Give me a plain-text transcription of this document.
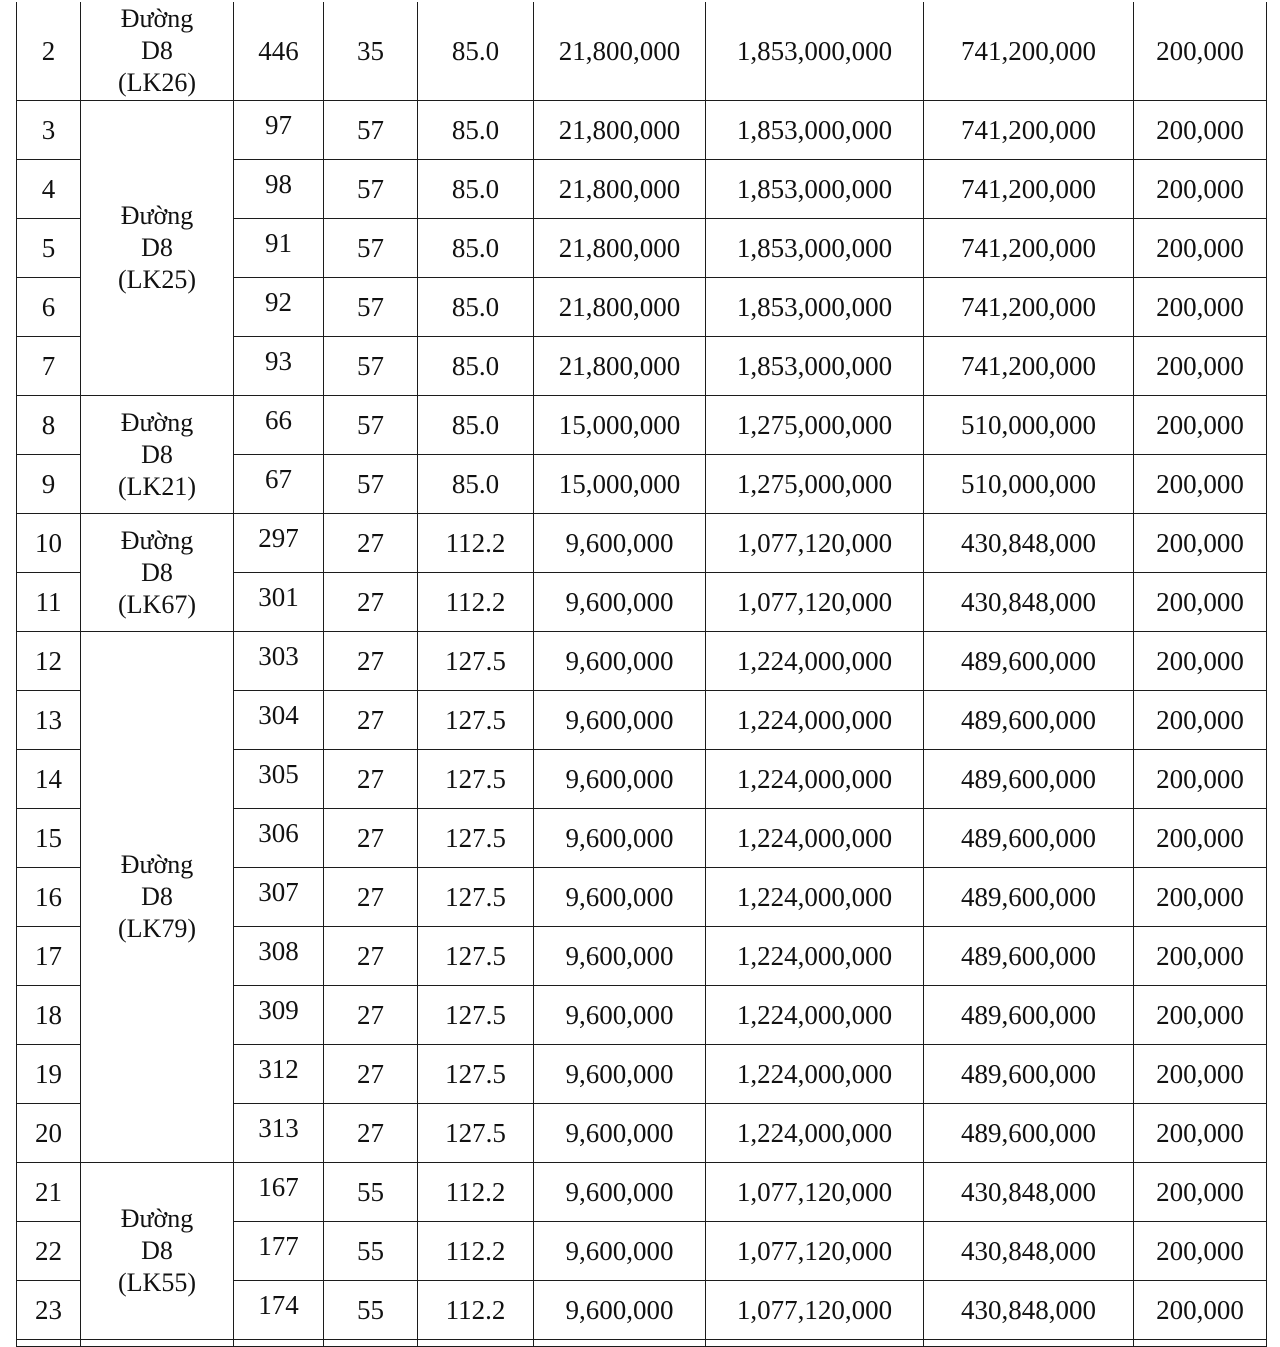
2	Đường
D8
(LK26)	446	35	85.0	21,800,000	1,853,000,000	741,200,000	200,000
3	Đường
D8
(LK25)	97	57	85.0	21,800,000	1,853,000,000	741,200,000	200,000
4		98	57	85.0	21,800,000	1,853,000,000	741,200,000	200,000
5		91	57	85.0	21,800,000	1,853,000,000	741,200,000	200,000
6		92	57	85.0	21,800,000	1,853,000,000	741,200,000	200,000
7		93	57	85.0	21,800,000	1,853,000,000	741,200,000	200,000
8	Đường
D8
(LK21)	66	57	85.0	15,000,000	1,275,000,000	510,000,000	200,000
9		67	57	85.0	15,000,000	1,275,000,000	510,000,000	200,000
10	Đường
D8
(LK67)	297	27	112.2	9,600,000	1,077,120,000	430,848,000	200,000
11		301	27	112.2	9,600,000	1,077,120,000	430,848,000	200,000
12	Đường
D8
(LK79)	303	27	127.5	9,600,000	1,224,000,000	489,600,000	200,000
13		304	27	127.5	9,600,000	1,224,000,000	489,600,000	200,000
14		305	27	127.5	9,600,000	1,224,000,000	489,600,000	200,000
15		306	27	127.5	9,600,000	1,224,000,000	489,600,000	200,000
16		307	27	127.5	9,600,000	1,224,000,000	489,600,000	200,000
17		308	27	127.5	9,600,000	1,224,000,000	489,600,000	200,000
18		309	27	127.5	9,600,000	1,224,000,000	489,600,000	200,000
19		312	27	127.5	9,600,000	1,224,000,000	489,600,000	200,000
20		313	27	127.5	9,600,000	1,224,000,000	489,600,000	200,000
21	Đường
D8
(LK55)	167	55	112.2	9,600,000	1,077,120,000	430,848,000	200,000
22		177	55	112.2	9,600,000	1,077,120,000	430,848,000	200,000
23		174	55	112.2	9,600,000	1,077,120,000	430,848,000	200,000
